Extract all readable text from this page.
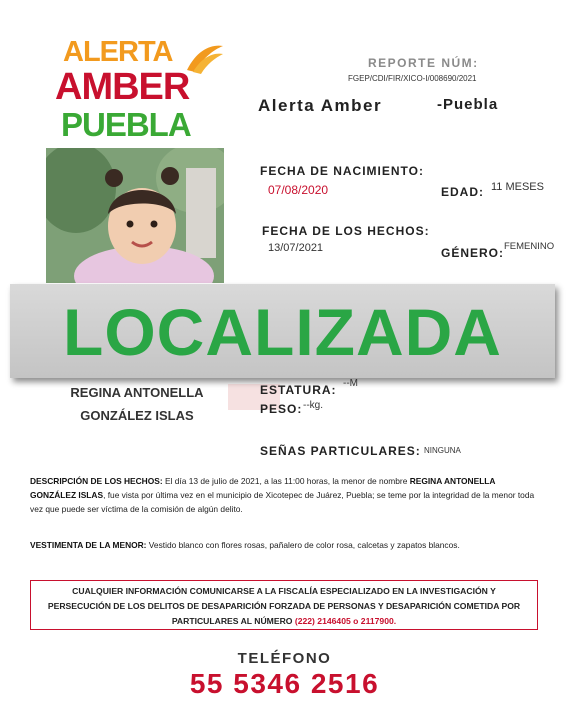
ALERTA
AMBER
PUEBLA
REPORTE NÚM:
FGEP/CDI/FIR/XICO-I/008690/2021
Alerta Amber	-Puebla
FECHA DE NACIMIENTO:
07/08/2020	EDAD: 11 MESES
FECHA DE LOS HECHOS:
13/07/2021	GÉNERO: FEMENINO
LOCALIZADA
REGINA ANTONELLA
GONZÁLEZ ISLAS
ESTATURA: --M
PESO: --kg.
SEÑAS PARTICULARES: NINGUNA
DESCRIPCIÓN DE LOS HECHOS: El día 13 de julio de 2021, a las 11:00 horas, la menor de nombre REGINA ANTONELLA GONZÁLEZ ISLAS, fue vista por última vez en el municipio de Xicotepec de Juárez, Puebla; se teme por la integridad de la menor toda vez que puede ser víctima de la comisión de algún delito.
VESTIMENTA DE LA MENOR: Vestido blanco con flores rosas, pañalero de color rosa, calcetas y zapatos blancos.
CUALQUIER INFORMACIÓN COMUNICARSE A LA FISCALÍA ESPECIALIZADO EN LA INVESTIGACIÓN Y
PERSECUCIÓN DE LOS DELITOS DE DESAPARICIÓN FORZADA DE PERSONAS Y DESAPARICIÓN COMETIDA POR
PARTICULARES AL NÚMERO (222) 2146405 o 2117900.
TELÉFONO
55 5346 2516
